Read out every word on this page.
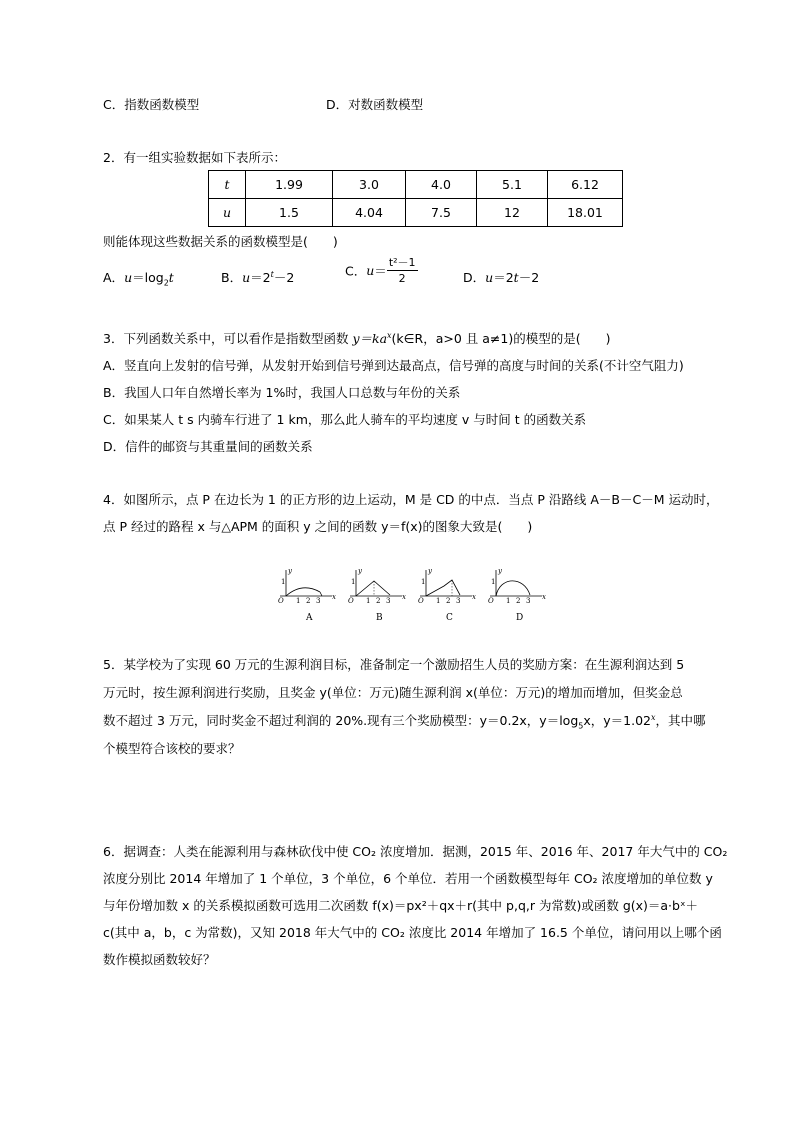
C．指数函数模型	D．对数函数模型
2．有一组实验数据如下表所示：
t	1.99	3.0	4.0	5.1	6.12
u	1.5	4.04	7.5	12	18.01
则能体现这些数据关系的函数模型是(　　)
A．$u=\log_2t$	B．$u=2^t-2$	C．$u= \frac{\text{t²－1}}{2}$	D．u＝2t－2
3．下列函数关系中，可以看作是指数型函数 $y=ka^x(k\in R$，a>0 且 a≠1)的模型的是(　　)
A．竖直向上发射的信号弹，从发射开始到信号弹到达最高点，信号弹的高度与时间的关系(不计空气阻力)
B．我国人口年自然增长率为 1%时，我国人口总数与年份的关系
C．如果某人 t s 内骑车行进了 1 km，那么此人骑车的平均速度 v 与时间 t 的函数关系
D．信件的邮资与其重量间的函数关系
4．如图所示，点 P 在边长为 1 的正方形的边上运动，M 是 CD 的中点．当点 P 沿路线 A－B－C－M 运动时，
点 P 经过的路程 x 与△APM 的面积 y 之间的函数 y＝f(x)的图象大致是(　　)
y
x
O
1
1 2 3
A
y
x
O
1
1 2 3
B
y
x
O
1
1 2 3
C
y
x
O
1
1 2 3
D
5．某学校为了实现 60 万元的生源利润目标，准备制定一个激励招生人员的奖励方案：在生源利润达到 5
万元时，按生源利润进行奖励，且奖金 y(单位：万元)随生源利润 x(单位：万元)的增加而增加，但奖金总
数不超过 3 万元，同时奖金不超过利润的 20%.现有三个奖励模型：y＝0.2x，$y=\log_5x$，$y=1.02^x$，其中哪
个模型符合该校的要求？
6．据调查：人类在能源利用与森林砍伐中使 CO₂ 浓度增加．据测，2015 年、2016 年、2017 年大气中的 CO₂
浓度分别比 2014 年增加了 1 个单位，3 个单位，6 个单位．若用一个函数模型每年 CO₂ 浓度增加的单位数 y
与年份增加数 x 的关系模拟函数可选用二次函数 f(x)＝px²＋qx＋r(其中 p,q,r 为常数)或函数 g(x)＝a·bˣ＋
c(其中 a，b，c 为常数)，又知 2018 年大气中的 CO₂ 浓度比 2014 年增加了 16.5 个单位，请问用以上哪个函
数作模拟函数较好？
